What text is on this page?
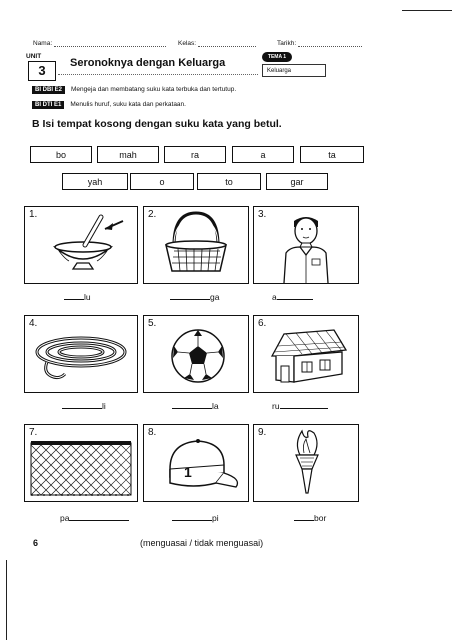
Nama:	Kelas:	Tarikh:
UNIT
3	Seronoknya dengan Keluarga	TEMA 1
Keluarga
BI DBI E2 Mengeja dan membatang suku kata terbuka dan tertutup.
BI DTI E1 Menulis huruf, suku kata dan perkataan.
B Isi tempat kosong dengan suku kata yang betul.
bo	mah	ra	a	ta
yah	o	to	gar
1.	2.	3.
lu	ga	a
4.	5.	6.
li	la	ru
7.	8.
1
9.
pa	pi	bor
6	(menguasai / tidak menguasai)
